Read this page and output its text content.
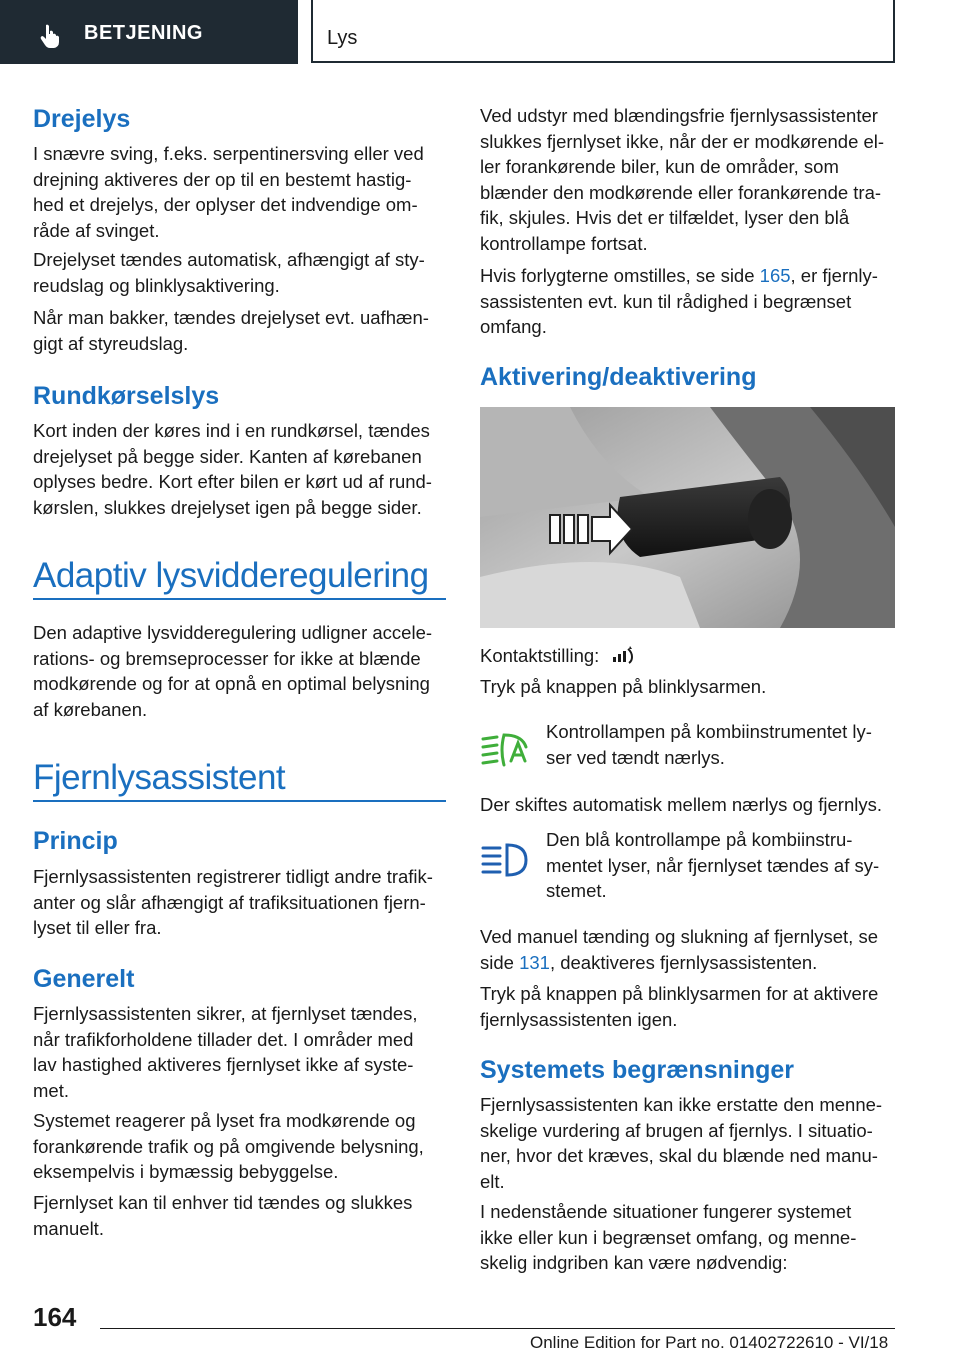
BETJENING	Lys
Drejelys
I snævre sving, f.eks. serpentinersving eller ved
drejning aktiveres der op til en bestemt hastig-
hed et drejelys, der oplyser det indvendige om-
råde af svinget.
Drejelyset tændes automatisk, afhængigt af sty-
reudslag og blinklysaktivering.
Når man bakker, tændes drejelyset evt. uafhæn-
gigt af styreudslag.
Rundkørselslys
Kort inden der køres ind i en rundkørsel, tændes
drejelyset på begge sider. Kanten af kørebanen
oplyses bedre. Kort efter bilen er kørt ud af rund-
kørslen, slukkes drejelyset igen på begge sider.
Adaptiv lysvidderegulering
Den adaptive lysvidderegulering udligner accele-
rations- og bremseprocesser for ikke at blænde
modkørende og for at opnå en optimal belysning
af kørebanen.
Fjernlysassistent
Princip
Fjernlysassistenten registrerer tidligt andre trafik-
anter og slår afhængigt af trafiksituationen fjern-
lyset til eller fra.
Generelt
Fjernlysassistenten sikrer, at fjernlyset tændes,
når trafikforholdene tillader det. I områder med
lav hastighed aktiveres fjernlyset ikke af syste-
met.
Systemet reagerer på lyset fra modkørende og
forankørende trafik og på omgivende belysning,
eksempelvis i bymæssig bebyggelse.
Fjernlyset kan til enhver tid tændes og slukkes
manuelt.
Ved udstyr med blændingsfrie fjernlysassistenter
slukkes fjernlyset ikke, når der er modkørende el-
ler forankørende biler, kun de områder, som
blænder den modkørende eller forankørende tra-
fik, skjules. Hvis det er tilfældet, lyser den blå
kontrollampe fortsat.
Hvis forlygterne omstilles, se side 165, er fjernly-
sassistenten evt. kun til rådighed i begrænset
omfang.
Aktivering/deaktivering
Kontaktstilling:
Tryk på knappen på blinklysarmen.
Kontrollampen på kombiinstrumentet ly-
ser ved tændt nærlys.
Der skiftes automatisk mellem nærlys og fjernlys.
Den blå kontrollampe på kombiinstru-
mentet lyser, når fjernlyset tændes af sy-
stemet.
Ved manuel tænding og slukning af fjernlyset, se
side 131, deaktiveres fjernlysassistenten.
Tryk på knappen på blinklysarmen for at aktivere
fjernlysassistenten igen.
Systemets begrænsninger
Fjernlysassistenten kan ikke erstatte den menne-
skelige vurdering af brugen af fjernlys. I situatio-
ner, hvor det kræves, skal du blænde ned manu-
elt.
I nedenstående situationer fungerer systemet
ikke eller kun i begrænset omfang, og menne-
skelig indgriben kan være nødvendig:
164
Online Edition for Part no. 01402722610 - VI/18
